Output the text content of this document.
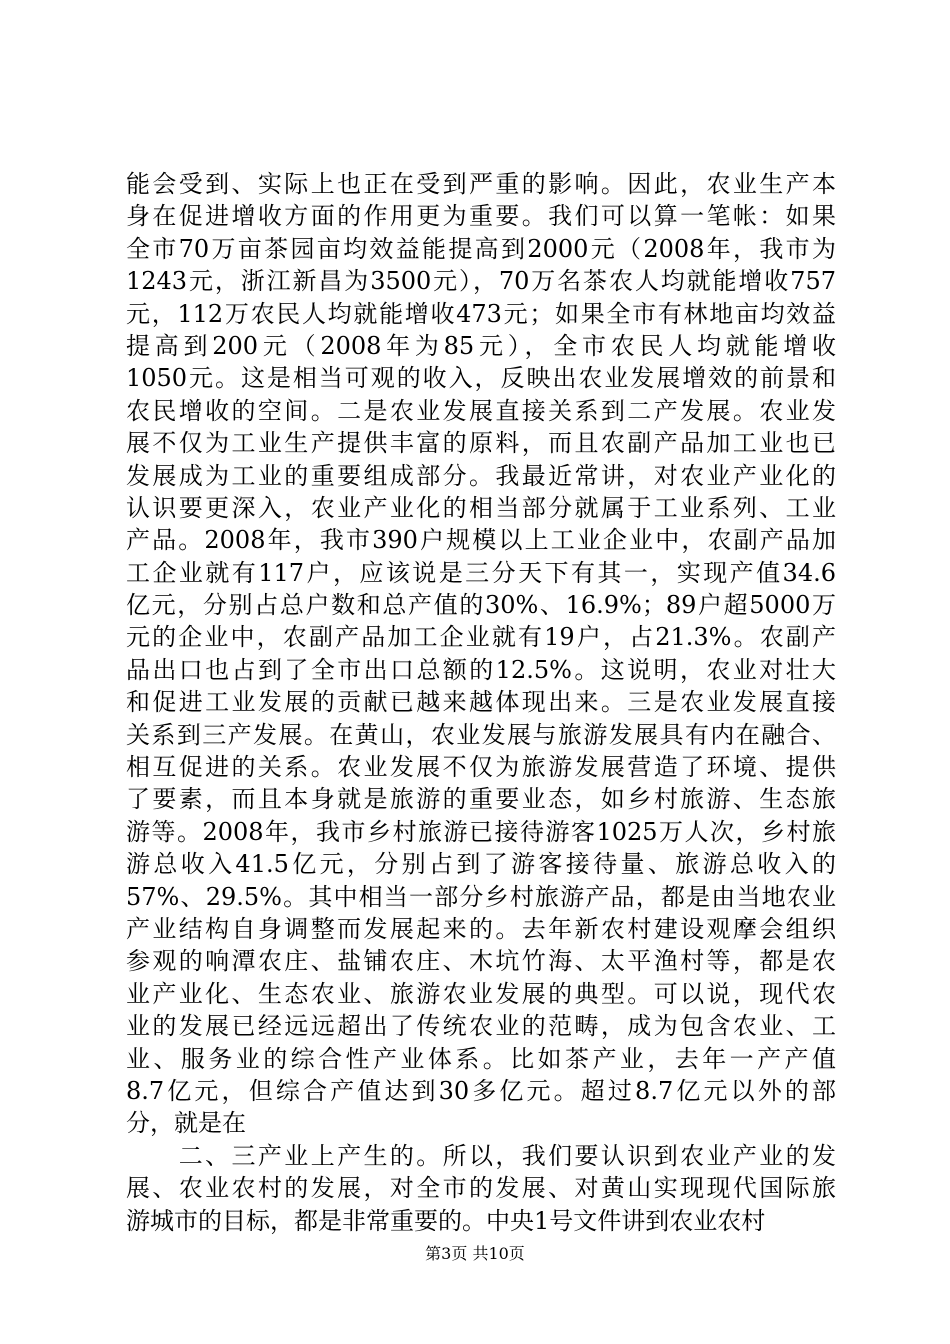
能会受到、实际上也正在受到严重的影响。因此，农业生产本
身在促进增收方面的作用更为重要。我们可以算一笔帐：如果
全市70万亩茶园亩均效益能提高到2000元（2008年，我市为
1243元，浙江新昌为3500元），70万名茶农人均就能增收757
元，112万农民人均就能增收473元；如果全市有林地亩均效益
提高到200元（2008年为85元），全市农民人均就能增收
1050元。这是相当可观的收入，反映出农业发展增效的前景和
农民增收的空间。二是农业发展直接关系到二产发展。农业发
展不仅为工业生产提供丰富的原料，而且农副产品加工业也已
发展成为工业的重要组成部分。我最近常讲，对农业产业化的
认识要更深入，农业产业化的相当部分就属于工业系列、工业
产品。2008年，我市390户规模以上工业企业中，农副产品加
工企业就有117户，应该说是三分天下有其一，实现产值34.6
亿元，分别占总户数和总产值的30%、16.9%；89户超5000万
元的企业中，农副产品加工企业就有19户，占21.3%。农副产
品出口也占到了全市出口总额的12.5%。这说明，农业对壮大
和促进工业发展的贡献已越来越体现出来。三是农业发展直接
关系到三产发展。在黄山，农业发展与旅游发展具有内在融合、
相互促进的关系。农业发展不仅为旅游发展营造了环境、提供
了要素，而且本身就是旅游的重要业态，如乡村旅游、生态旅
游等。2008年，我市乡村旅游已接待游客1025万人次，乡村旅
游总收入41.5亿元，分别占到了游客接待量、旅游总收入的
57%、29.5%。其中相当一部分乡村旅游产品，都是由当地农业
产业结构自身调整而发展起来的。去年新农村建设观摩会组织
参观的响潭农庄、盐铺农庄、木坑竹海、太平渔村等，都是农
业产业化、生态农业、旅游农业发展的典型。可以说，现代农
业的发展已经远远超出了传统农业的范畴，成为包含农业、工
业、服务业的综合性产业体系。比如茶产业，去年一产产值
8.7亿元，但综合产值达到30多亿元。超过8.7亿元以外的部
分，就是在
　　二、三产业上产生的。所以，我们要认识到农业产业的发
展、农业农村的发展，对全市的发展、对黄山实现现代国际旅
游城市的目标，都是非常重要的。中央1号文件讲到农业农村
第3页 共10页
